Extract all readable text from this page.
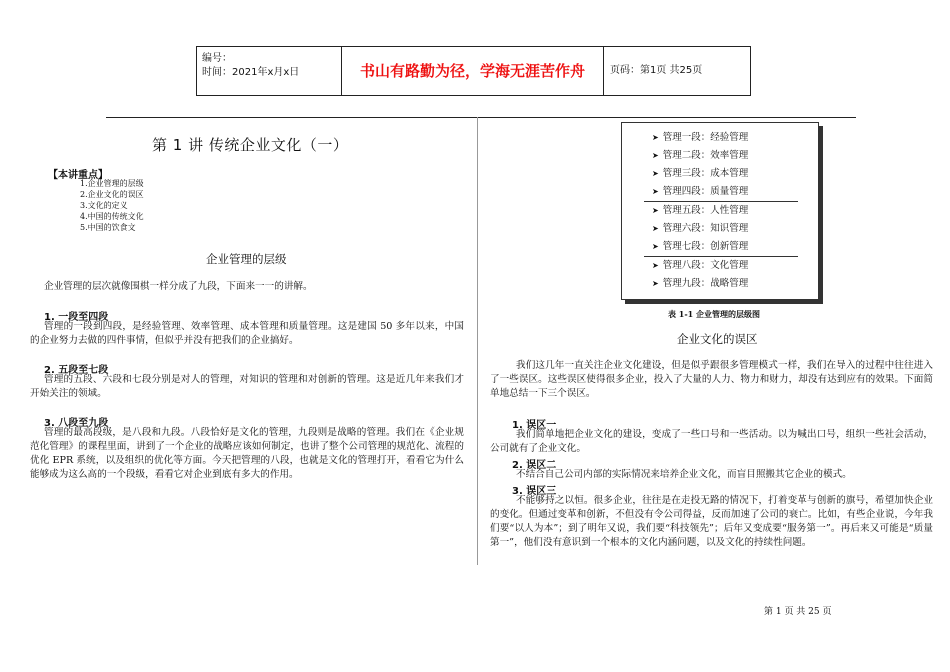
编号：
时间：2021年x月x日	书山有路勤为径，学海无涯苦作舟	页码：第1页 共25页
第 1 讲 传统企业文化（一）
【本讲重点】
1.企业管理的层级
2.企业文化的误区
3.文化的定义
4.中国的传统文化
5.中国的饮食文
企业管理的层级
企业管理的层次就像围棋一样分成了九段，下面来一一的讲解。
1. 一段至四段
管理的一段到四段，是经验管理、效率管理、成本管理和质量管理。这是建国 50 多年以来，中国的企业努力去做的四件事情，但似乎并没有把我们的企业搞好。
2. 五段至七段
管理的五段、六段和七段分别是对人的管理，对知识的管理和对创新的管理。这是近几年来我们才开始关注的领域。
3. 八段至九段
管理的最高段级，是八段和九段。八段恰好是文化的管理，九段则是战略的管理。我们在《企业规范化管理》的课程里面，讲到了一个企业的战略应该如何制定，也讲了整个公司管理的规范化、流程的优化 EPR 系统，以及组织的优化等方面。今天把管理的八段，也就是文化的管理打开，看看它为什么能够成为这么高的一个段级，看看它对企业到底有多大的作用。
➤ 管理一段：经验管理
➤ 管理二段：效率管理
➤ 管理三段：成本管理
➤ 管理四段：质量管理
➤ 管理五段：人性管理
➤ 管理六段：知识管理
➤ 管理七段：创新管理
➤ 管理八段：文化管理
➤ 管理九段：战略管理
表 1-1 企业管理的层级图
企业文化的误区
我们这几年一直关注企业文化建设，但是似乎跟很多管理模式一样，我们在导入的过程中往往进入了一些误区。这些误区使得很多企业，投入了大量的人力、物力和财力，却没有达到应有的效果。下面简单地总结一下三个误区。
1. 误区一
我们简单地把企业文化的建设，变成了一些口号和一些活动。以为喊出口号，组织一些社会活动，公司就有了企业文化。
2. 误区二
不结合自己公司内部的实际情况来培养企业文化，而盲目照搬其它企业的模式。
3. 误区三
不能够持之以恒。很多企业，往往是在走投无路的情况下，打着变革与创新的旗号，希望加快企业的变化。但通过变革和创新，不但没有令公司得益，反而加速了公司的衰亡。比如，有些企业说，今年我们要“以人为本”；到了明年又说，我们要“科技领先”；后年又变成要“服务第一”。再后来又可能是“质量第一”，他们没有意识到一个根本的文化内涵问题，以及文化的持续性问题。
第 1 页 共 25 页
